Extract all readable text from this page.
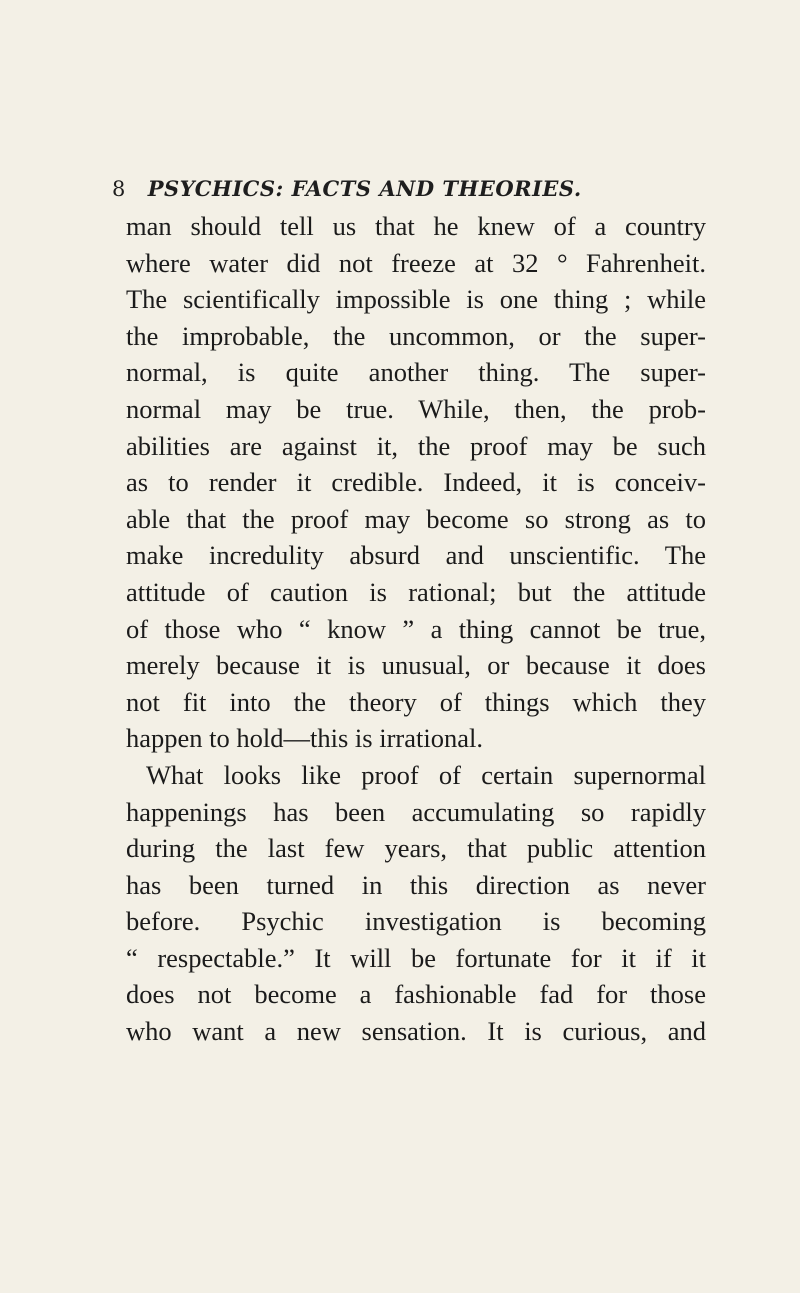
8 PSYCHICS: FACTS AND THEORIES.
man should tell us that he knew of a country
where water did not freeze at 32 ° Fahrenheit.
The scientifically impossible is one thing ; while
the improbable, the uncommon, or the super-
normal, is quite another thing. The super-
normal may be true. While, then, the prob-
abilities are against it, the proof may be such
as to render it credible. Indeed, it is conceiv-
able that the proof may become so strong as to
make incredulity absurd and unscientific. The
attitude of caution is rational; but the attitude
of those who “ know ” a thing cannot be true,
merely because it is unusual, or because it does
not fit into the theory of things which they
happen to hold—this is irrational.
What looks like proof of certain supernormal
happenings has been accumulating so rapidly
during the last few years, that public attention
has been turned in this direction as never
before. Psychic investigation is becoming
“ respectable.” It will be fortunate for it if it
does not become a fashionable fad for those
who want a new sensation. It is curious, and
